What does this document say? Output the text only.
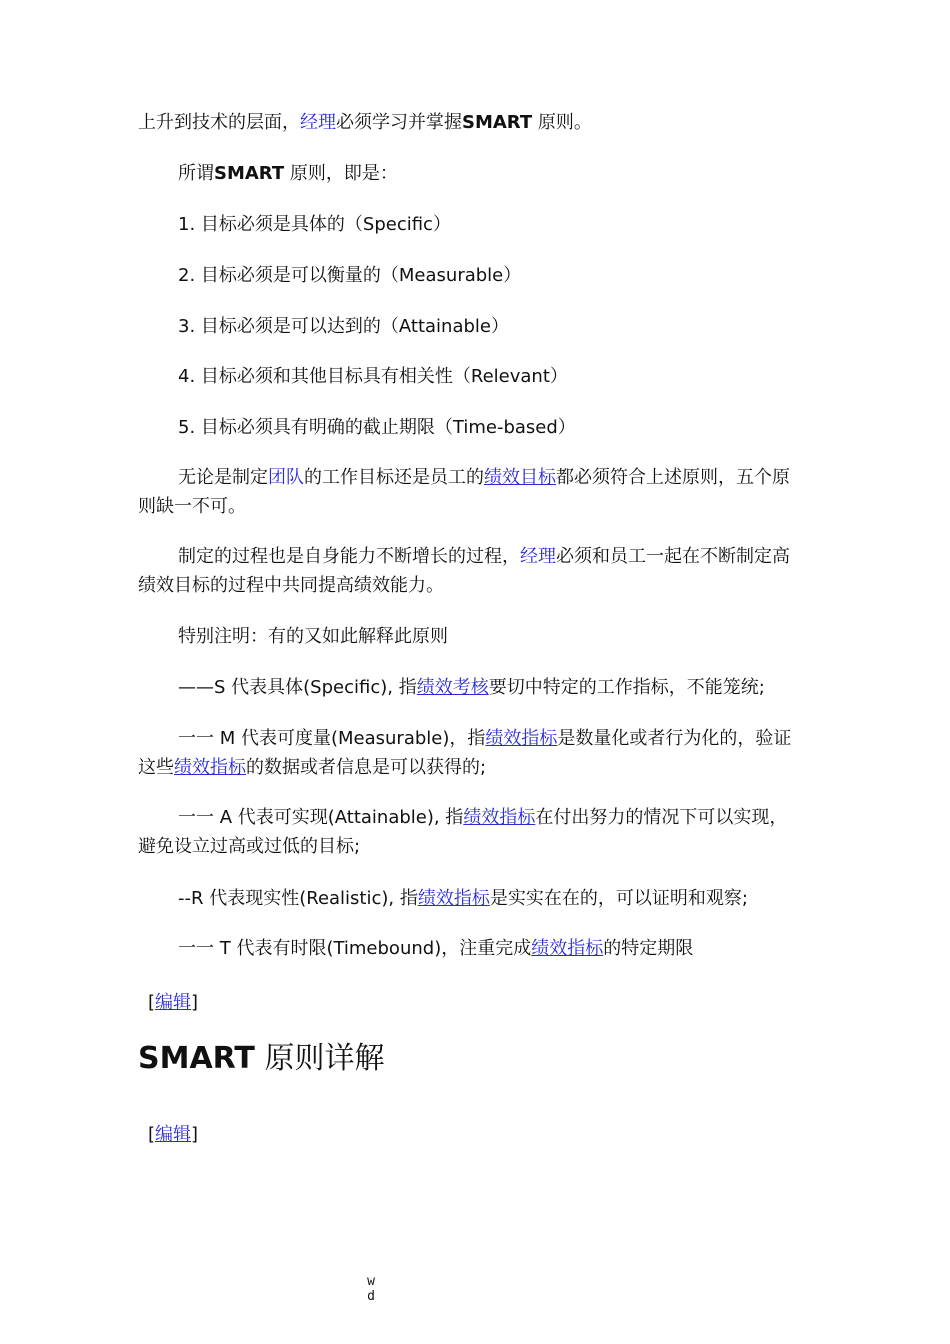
上升到技术的层面，经理必须学习并掌握SMART 原则。

所谓SMART 原则，即是：

1. 目标必须是具体的（Specific）

2. 目标必须是可以衡量的（Measurable）

3. 目标必须是可以达到的（Attainable）

4. 目标必须和其他目标具有相关性（Relevant）

5. 目标必须具有明确的截止期限（Time-based）

无论是制定团队的工作目标还是员工的绩效目标都必须符合上述原则，五个原则缺一不可。

制定的过程也是自身能力不断增长的过程，经理必须和员工一起在不断制定高绩效目标的过程中共同提高绩效能力。

特别注明：有的又如此解释此原则

——S 代表具体(Specific), 指绩效考核要切中特定的工作指标，不能笼统;

一一 M 代表可度量(Measurable)，指绩效指标是数量化或者行为化的，验证这些绩效指标的数据或者信息是可以获得的;

一一 A 代表可实现(Attainable), 指绩效指标在付出努力的情况下可以实现，避免设立过高或过低的目标;

--R 代表现实性(Realistic), 指绩效指标是实实在在的，可以证明和观察;

一一 T 代表有时限(Timebound)，注重完成绩效指标的特定期限

[编辑]
SMART 原则详解
[编辑]
w
d
